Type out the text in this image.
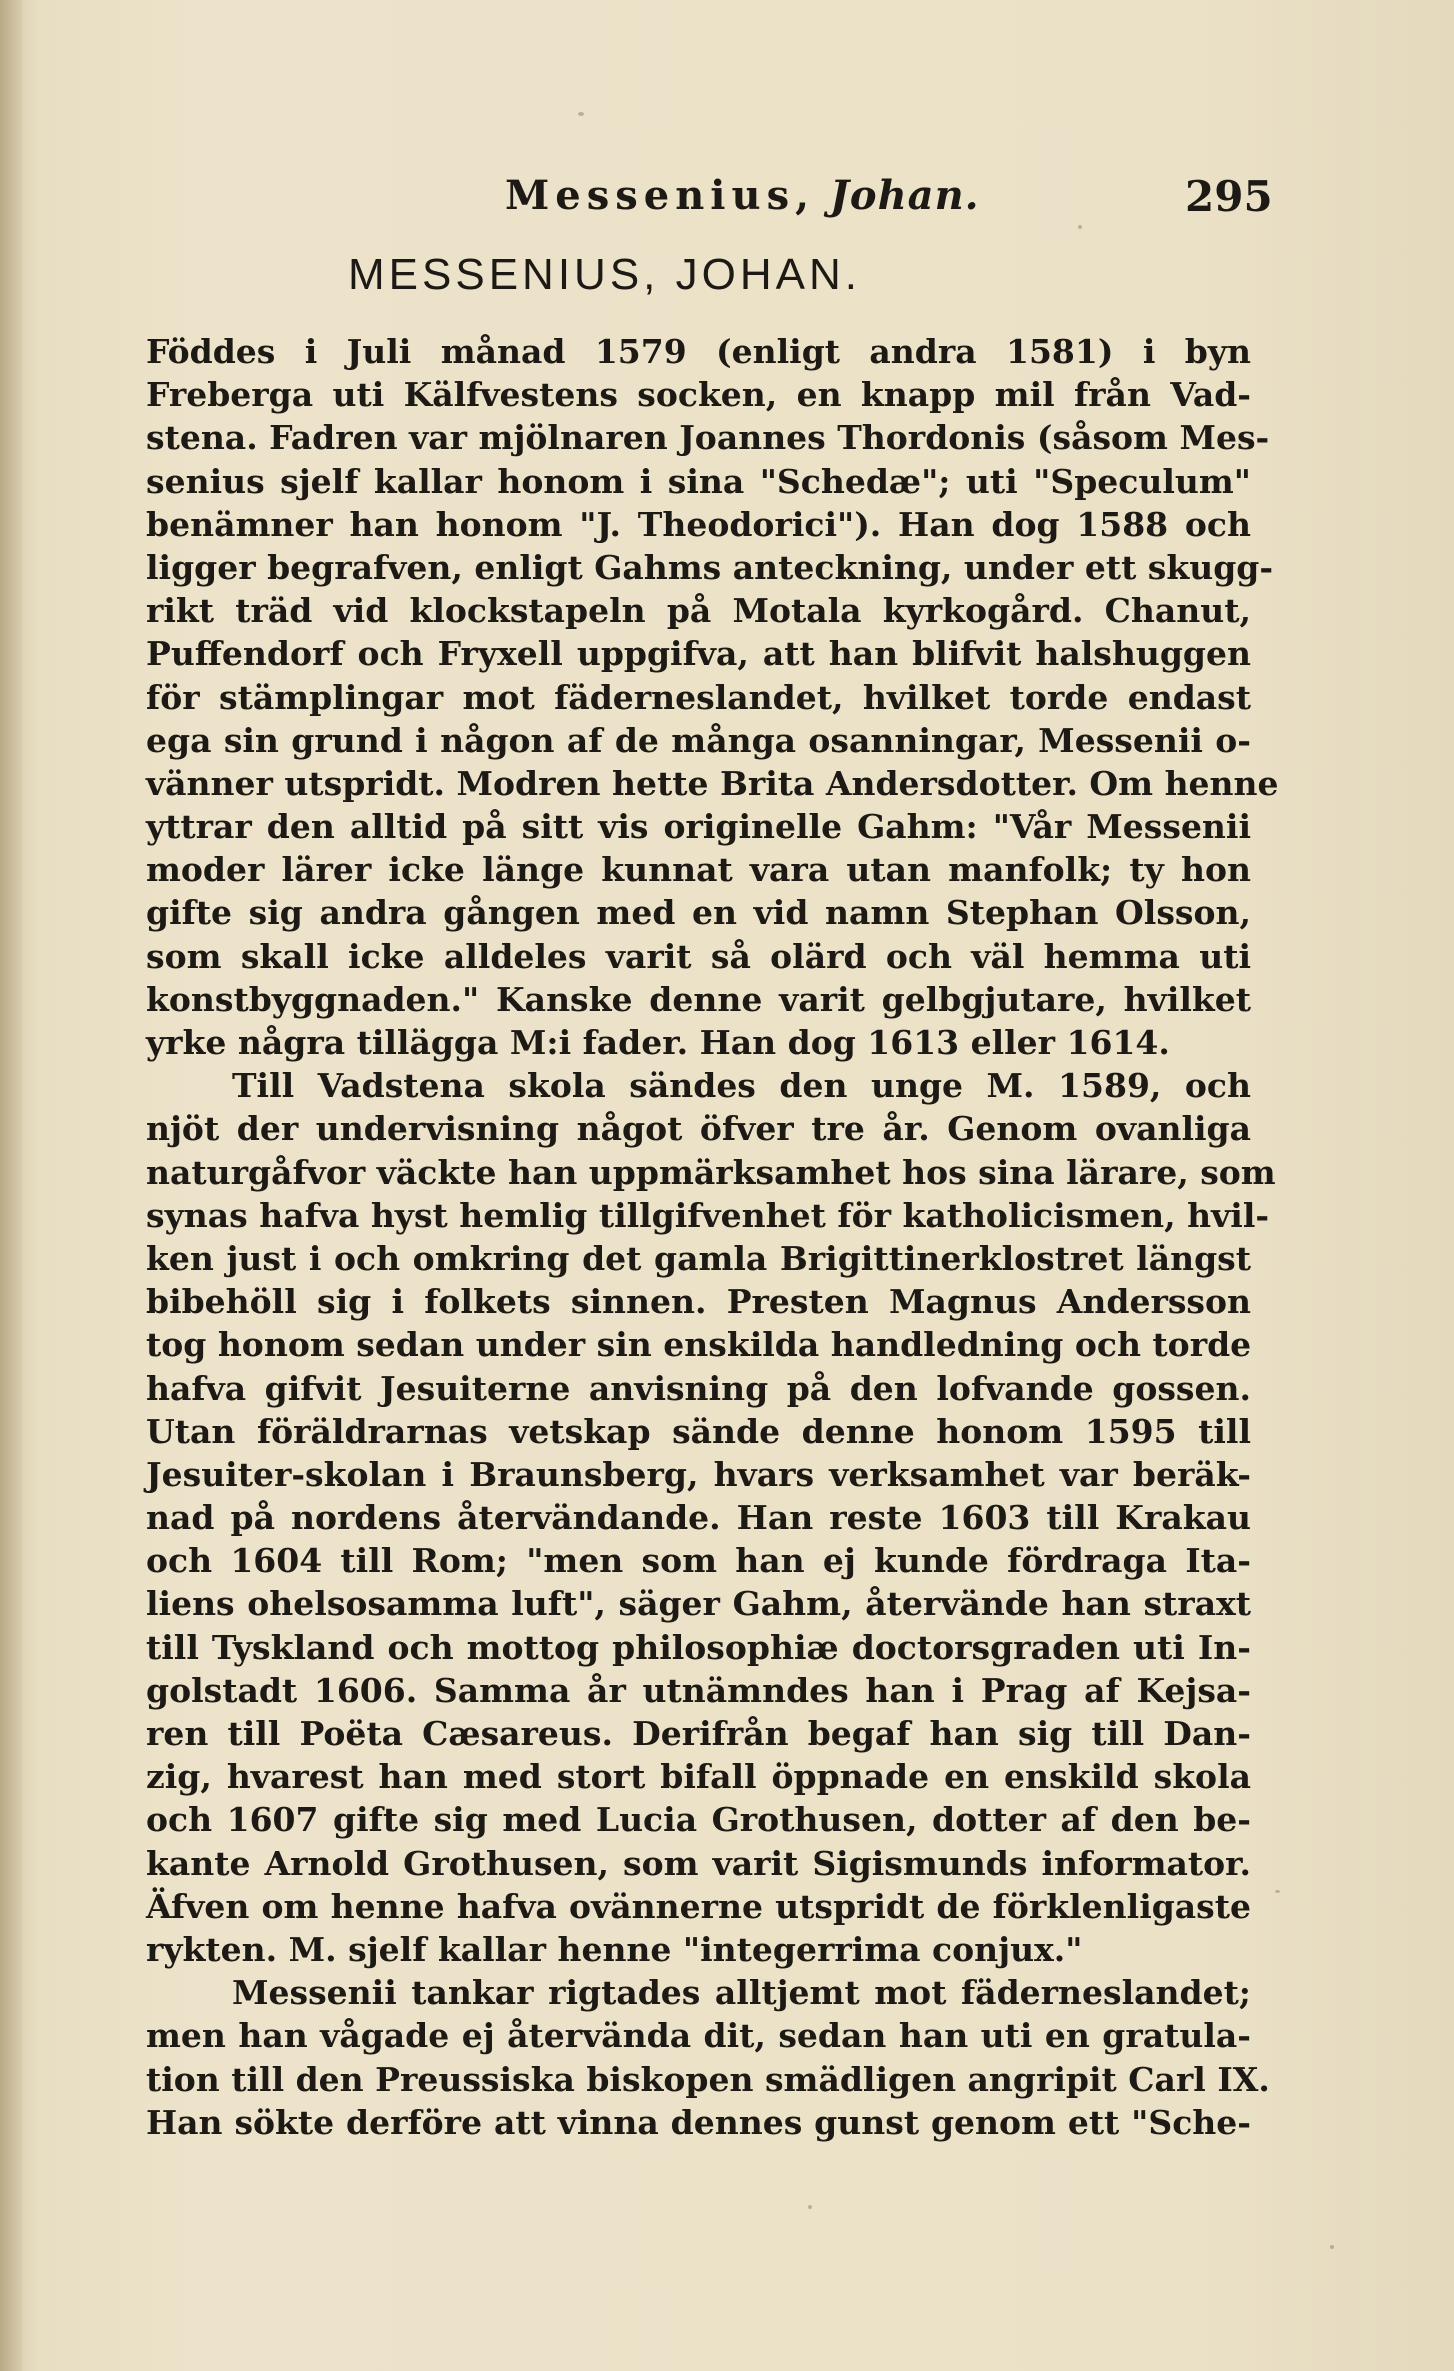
Messenius, Johan.	295
MESSENIUS, JOHAN.
Föddes i Juli månad 1579 (enligt andra 1581) i byn
Freberga uti Kälfvestens socken, en knapp mil från Vad-
stena. Fadren var mjölnaren Joannes Thordonis (såsom Mes-
senius sjelf kallar honom i sina "Schedæ"; uti "Speculum"
benämner han honom "J. Theodorici"). Han dog 1588 och
ligger begrafven, enligt Gahms anteckning, under ett skugg-
rikt träd vid klockstapeln på Motala kyrkogård. Chanut,
Puffendorf och Fryxell uppgifva, att han blifvit halshuggen
för stämplingar mot fäderneslandet, hvilket torde endast
ega sin grund i någon af de många osanningar, Messenii o-
vänner utspridt. Modren hette Brita Andersdotter. Om henne
yttrar den alltid på sitt vis originelle Gahm: "Vår Messenii
moder lärer icke länge kunnat vara utan manfolk; ty hon
gifte sig andra gången med en vid namn Stephan Olsson,
som skall icke alldeles varit så olärd och väl hemma uti
konstbyggnaden." Kanske denne varit gelbgjutare, hvilket
yrke några tillägga M:i fader. Han dog 1613 eller 1614.
Till Vadstena skola sändes den unge M. 1589, och
njöt der undervisning något öfver tre år. Genom ovanliga
naturgåfvor väckte han uppmärksamhet hos sina lärare, som
synas hafva hyst hemlig tillgifvenhet för katholicismen, hvil-
ken just i och omkring det gamla Brigittinerklostret längst
bibehöll sig i folkets sinnen. Presten Magnus Andersson
tog honom sedan under sin enskilda handledning och torde
hafva gifvit Jesuiterne anvisning på den lofvande gossen.
Utan föräldrarnas vetskap sände denne honom 1595 till
Jesuiter-skolan i Braunsberg, hvars verksamhet var beräk-
nad på nordens återvändande. Han reste 1603 till Krakau
och 1604 till Rom; "men som han ej kunde fördraga Ita-
liens ohelsosamma luft", säger Gahm, återvände han straxt
till Tyskland och mottog philosophiæ doctorsgraden uti In-
golstadt 1606. Samma år utnämndes han i Prag af Kejsa-
ren till Poëta Cæsareus. Derifrån begaf han sig till Dan-
zig, hvarest han med stort bifall öppnade en enskild skola
och 1607 gifte sig med Lucia Grothusen, dotter af den be-
kante Arnold Grothusen, som varit Sigismunds informator.
Äfven om henne hafva ovännerne utspridt de förklenligaste
rykten. M. sjelf kallar henne "integerrima conjux."
Messenii tankar rigtades alltjemt mot fäderneslandet;
men han vågade ej återvända dit, sedan han uti en gratula-
tion till den Preussiska biskopen smädligen angripit Carl IX.
Han sökte derföre att vinna dennes gunst genom ett "Sche-
